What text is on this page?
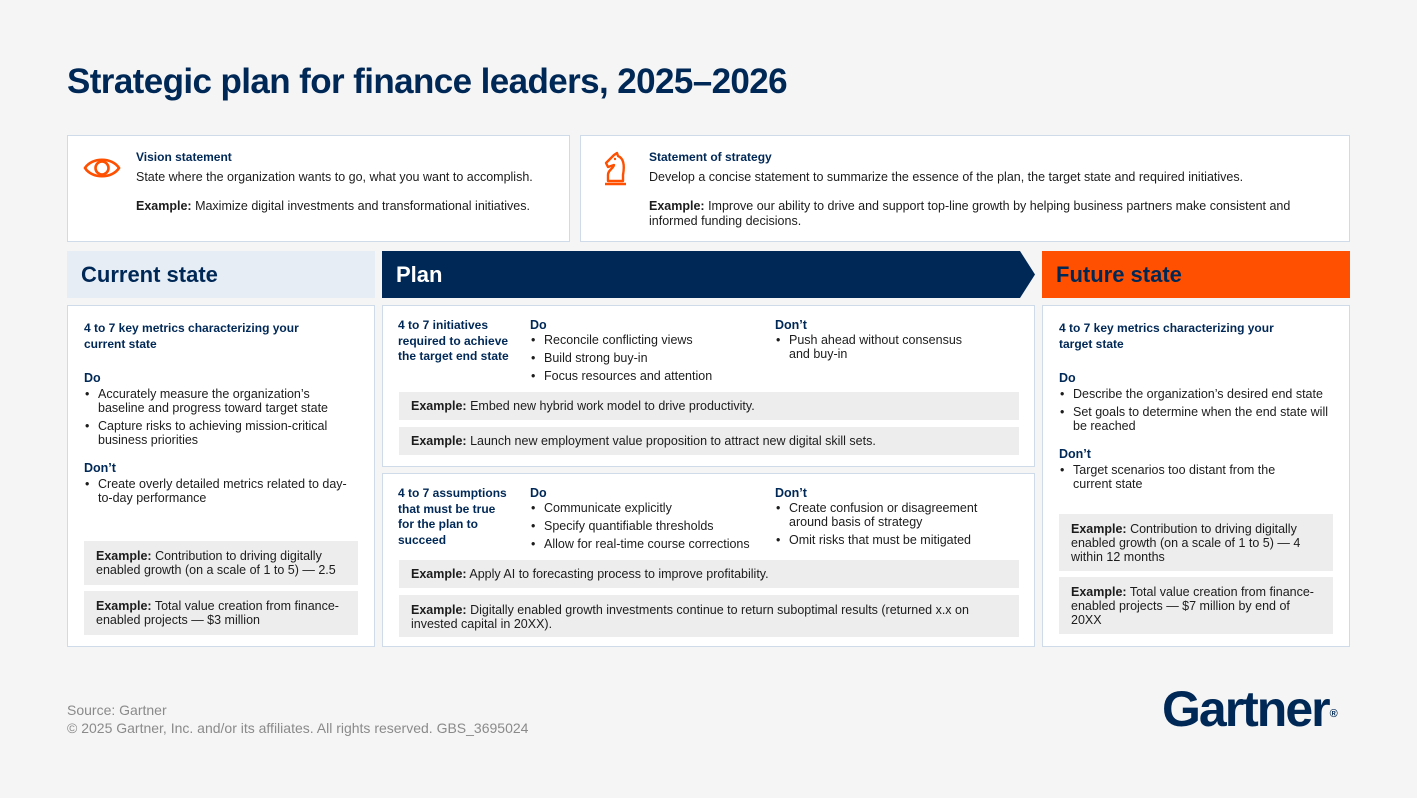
Strategic plan for finance leaders, 2025–2026
Vision statement
State where the organization wants to go, what you want to accomplish.
Example: Maximize digital investments and transformational initiatives.
Statement of strategy
Develop a concise statement to summarize the essence of the plan, the target state and required initiatives.
Example: Improve our ability to drive and support top-line growth by helping business partners make consistent and informed funding decisions.
Current state	Plan	Future state
4 to 7 key metrics characterizing your current state
Do
• Accurately measure the organization’s baseline and progress toward target state
• Capture risks to achieving mission-critical business priorities
Don’t
• Create overly detailed metrics related to day-to-day performance
Example: Contribution to driving digitally enabled growth (on a scale of 1 to 5) — 2.5
Example: Total value creation from finance-enabled projects — $3 million
4 to 7 initiatives required to achieve the target end state
Do
• Reconcile conflicting views
• Build strong buy-in
• Focus resources and attention
Don’t
• Push ahead without consensus and buy-in
Example: Embed new hybrid work model to drive productivity.
Example: Launch new employment value proposition to attract new digital skill sets.
4 to 7 assumptions that must be true for the plan to succeed
Do
• Communicate explicitly
• Specify quantifiable thresholds
• Allow for real-time course corrections
Don’t
• Create confusion or disagreement around basis of strategy
• Omit risks that must be mitigated
Example: Apply AI to forecasting process to improve profitability.
Example: Digitally enabled growth investments continue to return suboptimal results (returned x.x on invested capital in 20XX).
4 to 7 key metrics characterizing your target state
Do
• Describe the organization’s desired end state
• Set goals to determine when the end state will be reached
Don’t
• Target scenarios too distant from the current state
Example: Contribution to driving digitally enabled growth (on a scale of 1 to 5) — 4 within 12 months
Example: Total value creation from finance-enabled projects — $7 million by end of 20XX
Source: Gartner
© 2025 Gartner, Inc. and/or its affiliates. All rights reserved. GBS_3695024	Gartner®
